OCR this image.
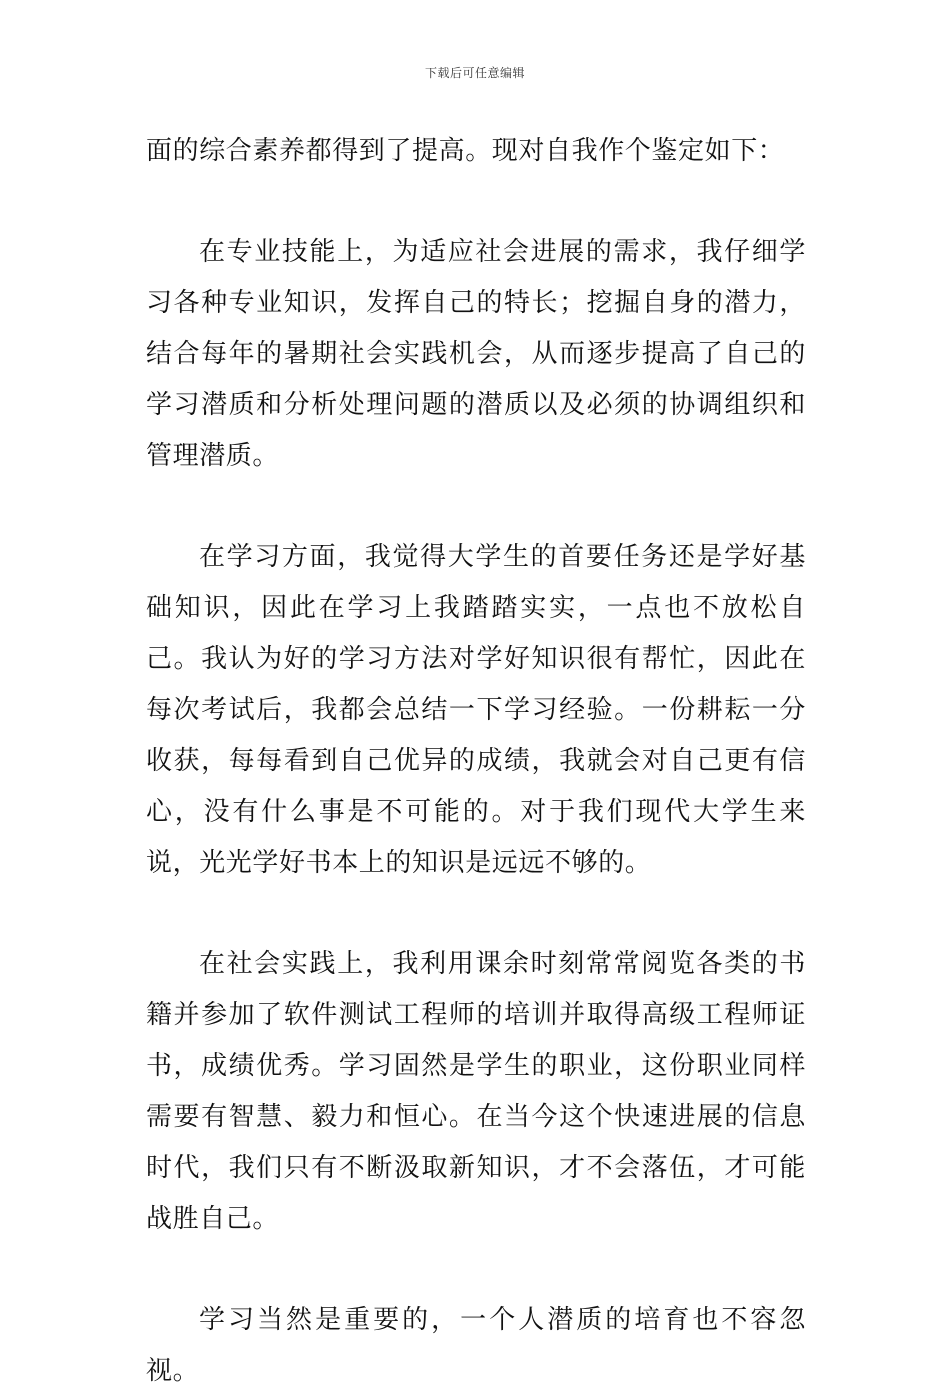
下载后可任意编辑

面的综合素养都得到了提高。现对自我作个鉴定如下：

在专业技能上，为适应社会进展的需求，我仔细学习各种专业知识，发挥自己的特长；挖掘自身的潜力，结合每年的暑期社会实践机会，从而逐步提高了自己的学习潜质和分析处理问题的潜质以及必须的协调组织和管理潜质。

在学习方面，我觉得大学生的首要任务还是学好基础知识，因此在学习上我踏踏实实，一点也不放松自己。我认为好的学习方法对学好知识很有帮忙，因此在每次考试后，我都会总结一下学习经验。一份耕耘一分收获，每每看到自己优异的成绩，我就会对自己更有信心，没有什么事是不可能的。对于我们现代大学生来说，光光学好书本上的知识是远远不够的。

在社会实践上，我利用课余时刻常常阅览各类的书籍并参加了软件测试工程师的培训并取得高级工程师证书，成绩优秀。学习固然是学生的职业，这份职业同样需要有智慧、毅力和恒心。在当今这个快速进展的信息时代，我们只有不断汲取新知识，才不会落伍，才可能战胜自己。

学习当然是重要的，一个人潜质的培育也不容忽视。
